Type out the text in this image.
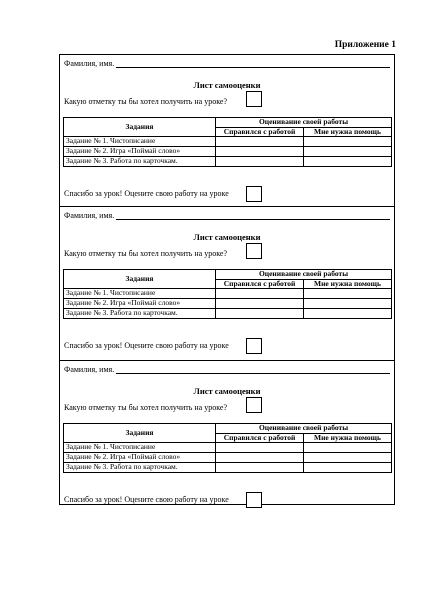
Приложение 1
Фамилия, имя.
Лист самооценки
Какую отметку ты бы хотел получить на уроке?
Задания	Оценивание своей работы	
	Справился с работой	Мне нужна помощь
Задание № 1. Чистописание		
Задание № 2. Игра «Поймай слово»		
Задание № 3. Работа по карточкам.		
Спасибо за урок! Оцените свою работу на уроке
Фамилия, имя.
Лист самооценки
Какую отметку ты бы хотел получить на уроке?
Задания	Оценивание своей работы	
	Справился с работой	Мне нужна помощь
Задание № 1. Чистописание		
Задание № 2. Игра «Поймай слово»		
Задание № 3. Работа по карточкам.		
Спасибо за урок! Оцените свою работу на уроке
Фамилия, имя.
Лист самооценки
Какую отметку ты бы хотел получить на уроке?
Задания	Оценивание своей работы	
	Справился с работой	Мне нужна помощь
Задание № 1. Чистописание		
Задание № 2. Игра «Поймай слово»		
Задание № 3. Работа по карточкам.		
Спасибо за урок! Оцените свою работу на уроке
